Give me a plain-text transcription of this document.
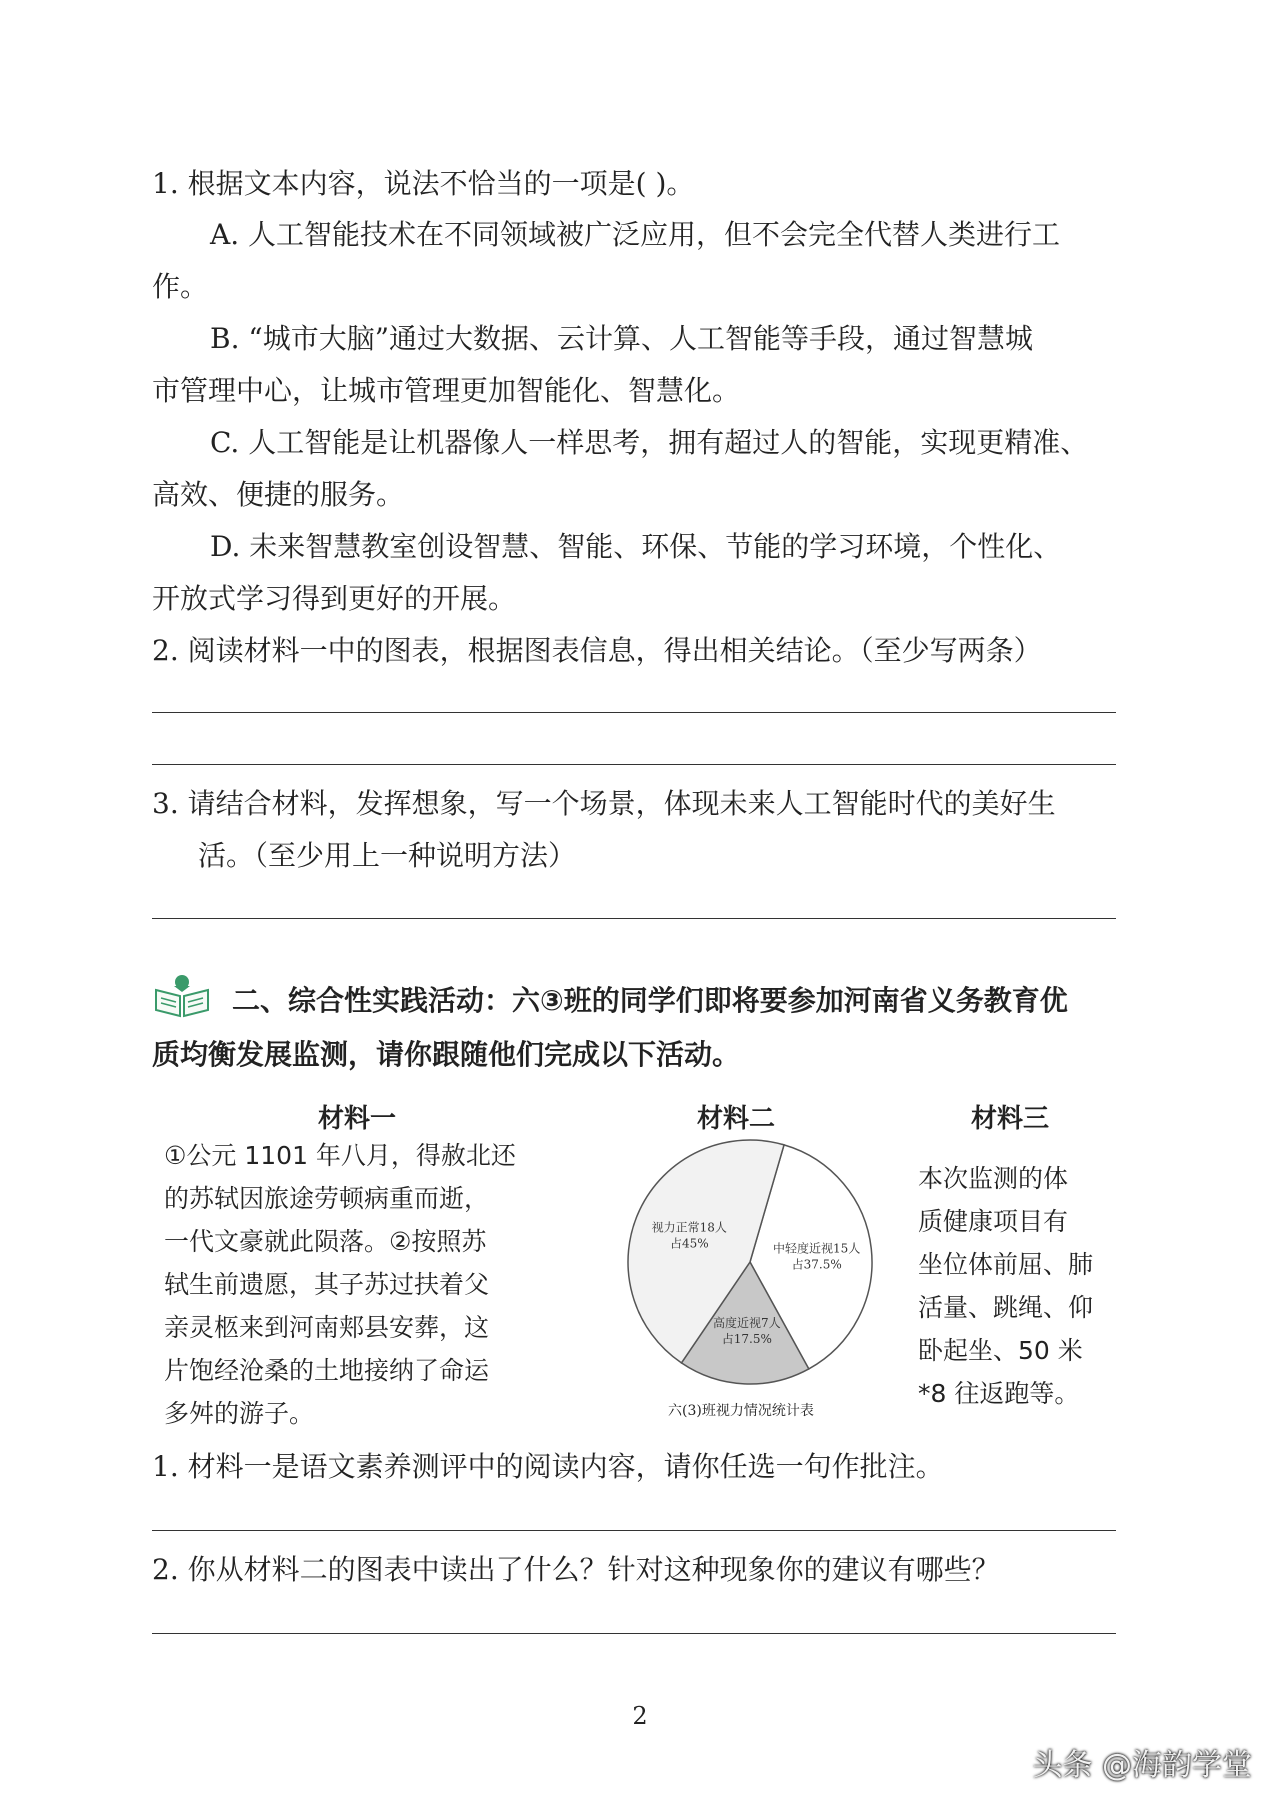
1. 根据文本内容，说法不恰当的一项是( )。
A. 人工智能技术在不同领域被广泛应用，但不会完全代替人类进行工
作。
B. “城市大脑”通过大数据、云计算、人工智能等手段，通过智慧城
市管理中心，让城市管理更加智能化、智慧化。
C. 人工智能是让机器像人一样思考，拥有超过人的智能，实现更精准、
高效、便捷的服务。
D. 未来智慧教室创设智慧、智能、环保、节能的学习环境，个性化、
开放式学习得到更好的开展。
2. 阅读材料一中的图表，根据图表信息，得出相关结论。（至少写两条）
3. 请结合材料，发挥想象，写一个场景，体现未来人工智能时代的美好生
活。（至少用上一种说明方法）
二、综合性实践活动：六③班的同学们即将要参加河南省义务教育优
质均衡发展监测，请你跟随他们完成以下活动。
材料一	材料二	材料三
①公元 1101 年八月，得赦北还
的苏轼因旅途劳顿病重而逝，
一代文豪就此陨落。②按照苏
轼生前遗愿，其子苏过扶着父
亲灵柩来到河南郏县安葬，这
片饱经沧桑的土地接纳了命运
多舛的游子。
中轻度近视15人
占37.5%
高度近视7人
占17.5%
视力正常18人
占45%
六(3)班视力情况统计表
本次监测的体
质健康项目有
坐位体前屈、肺
活量、跳绳、仰
卧起坐、50 米
*8 往返跑等。
1. 材料一是语文素养测评中的阅读内容，请你任选一句作批注。
2. 你从材料二的图表中读出了什么？针对这种现象你的建议有哪些？
2
头条 @海韵学堂
